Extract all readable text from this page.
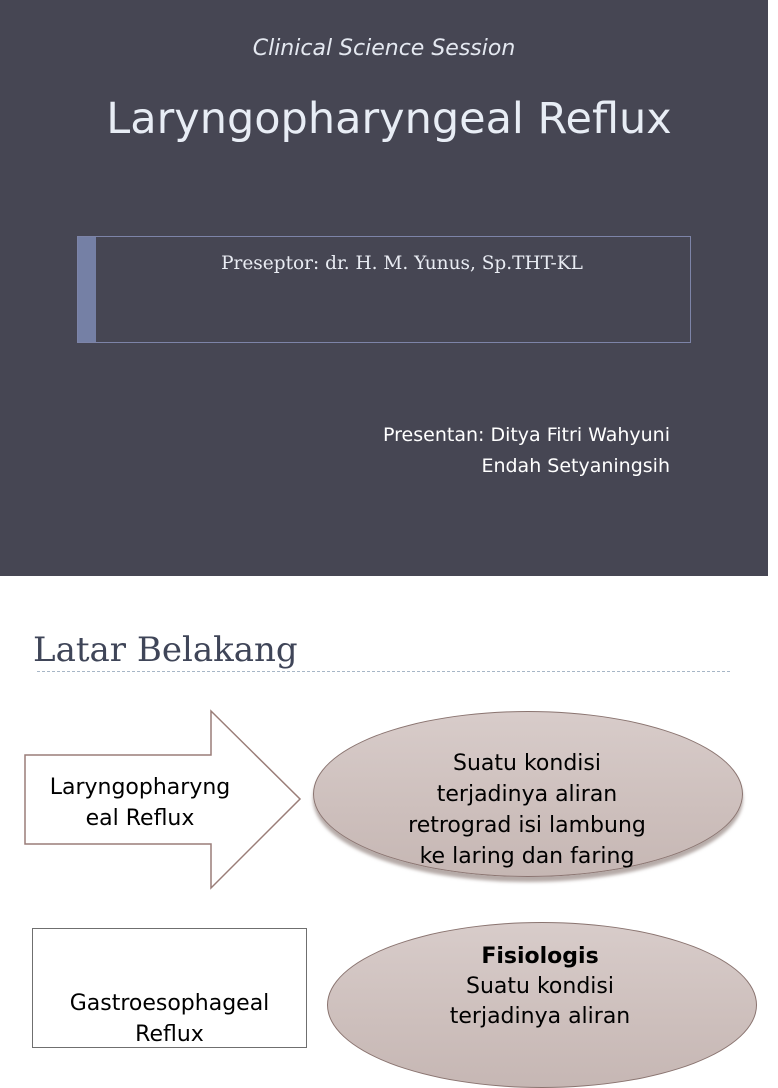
Clinical Science Session
Laryngopharyngeal Reflux
Preseptor: dr. H. M. Yunus, Sp.THT-KL
Presentan: Ditya Fitri Wahyuni
Endah Setyaningsih
Latar Belakang
Laryngopharyng
eal Reflux
Suatu kondisi
terjadinya aliran
retrograd isi lambung
ke laring dan faring
Gastroesophageal
Reflux
Fisiologis
Suatu kondisi
terjadinya aliran
